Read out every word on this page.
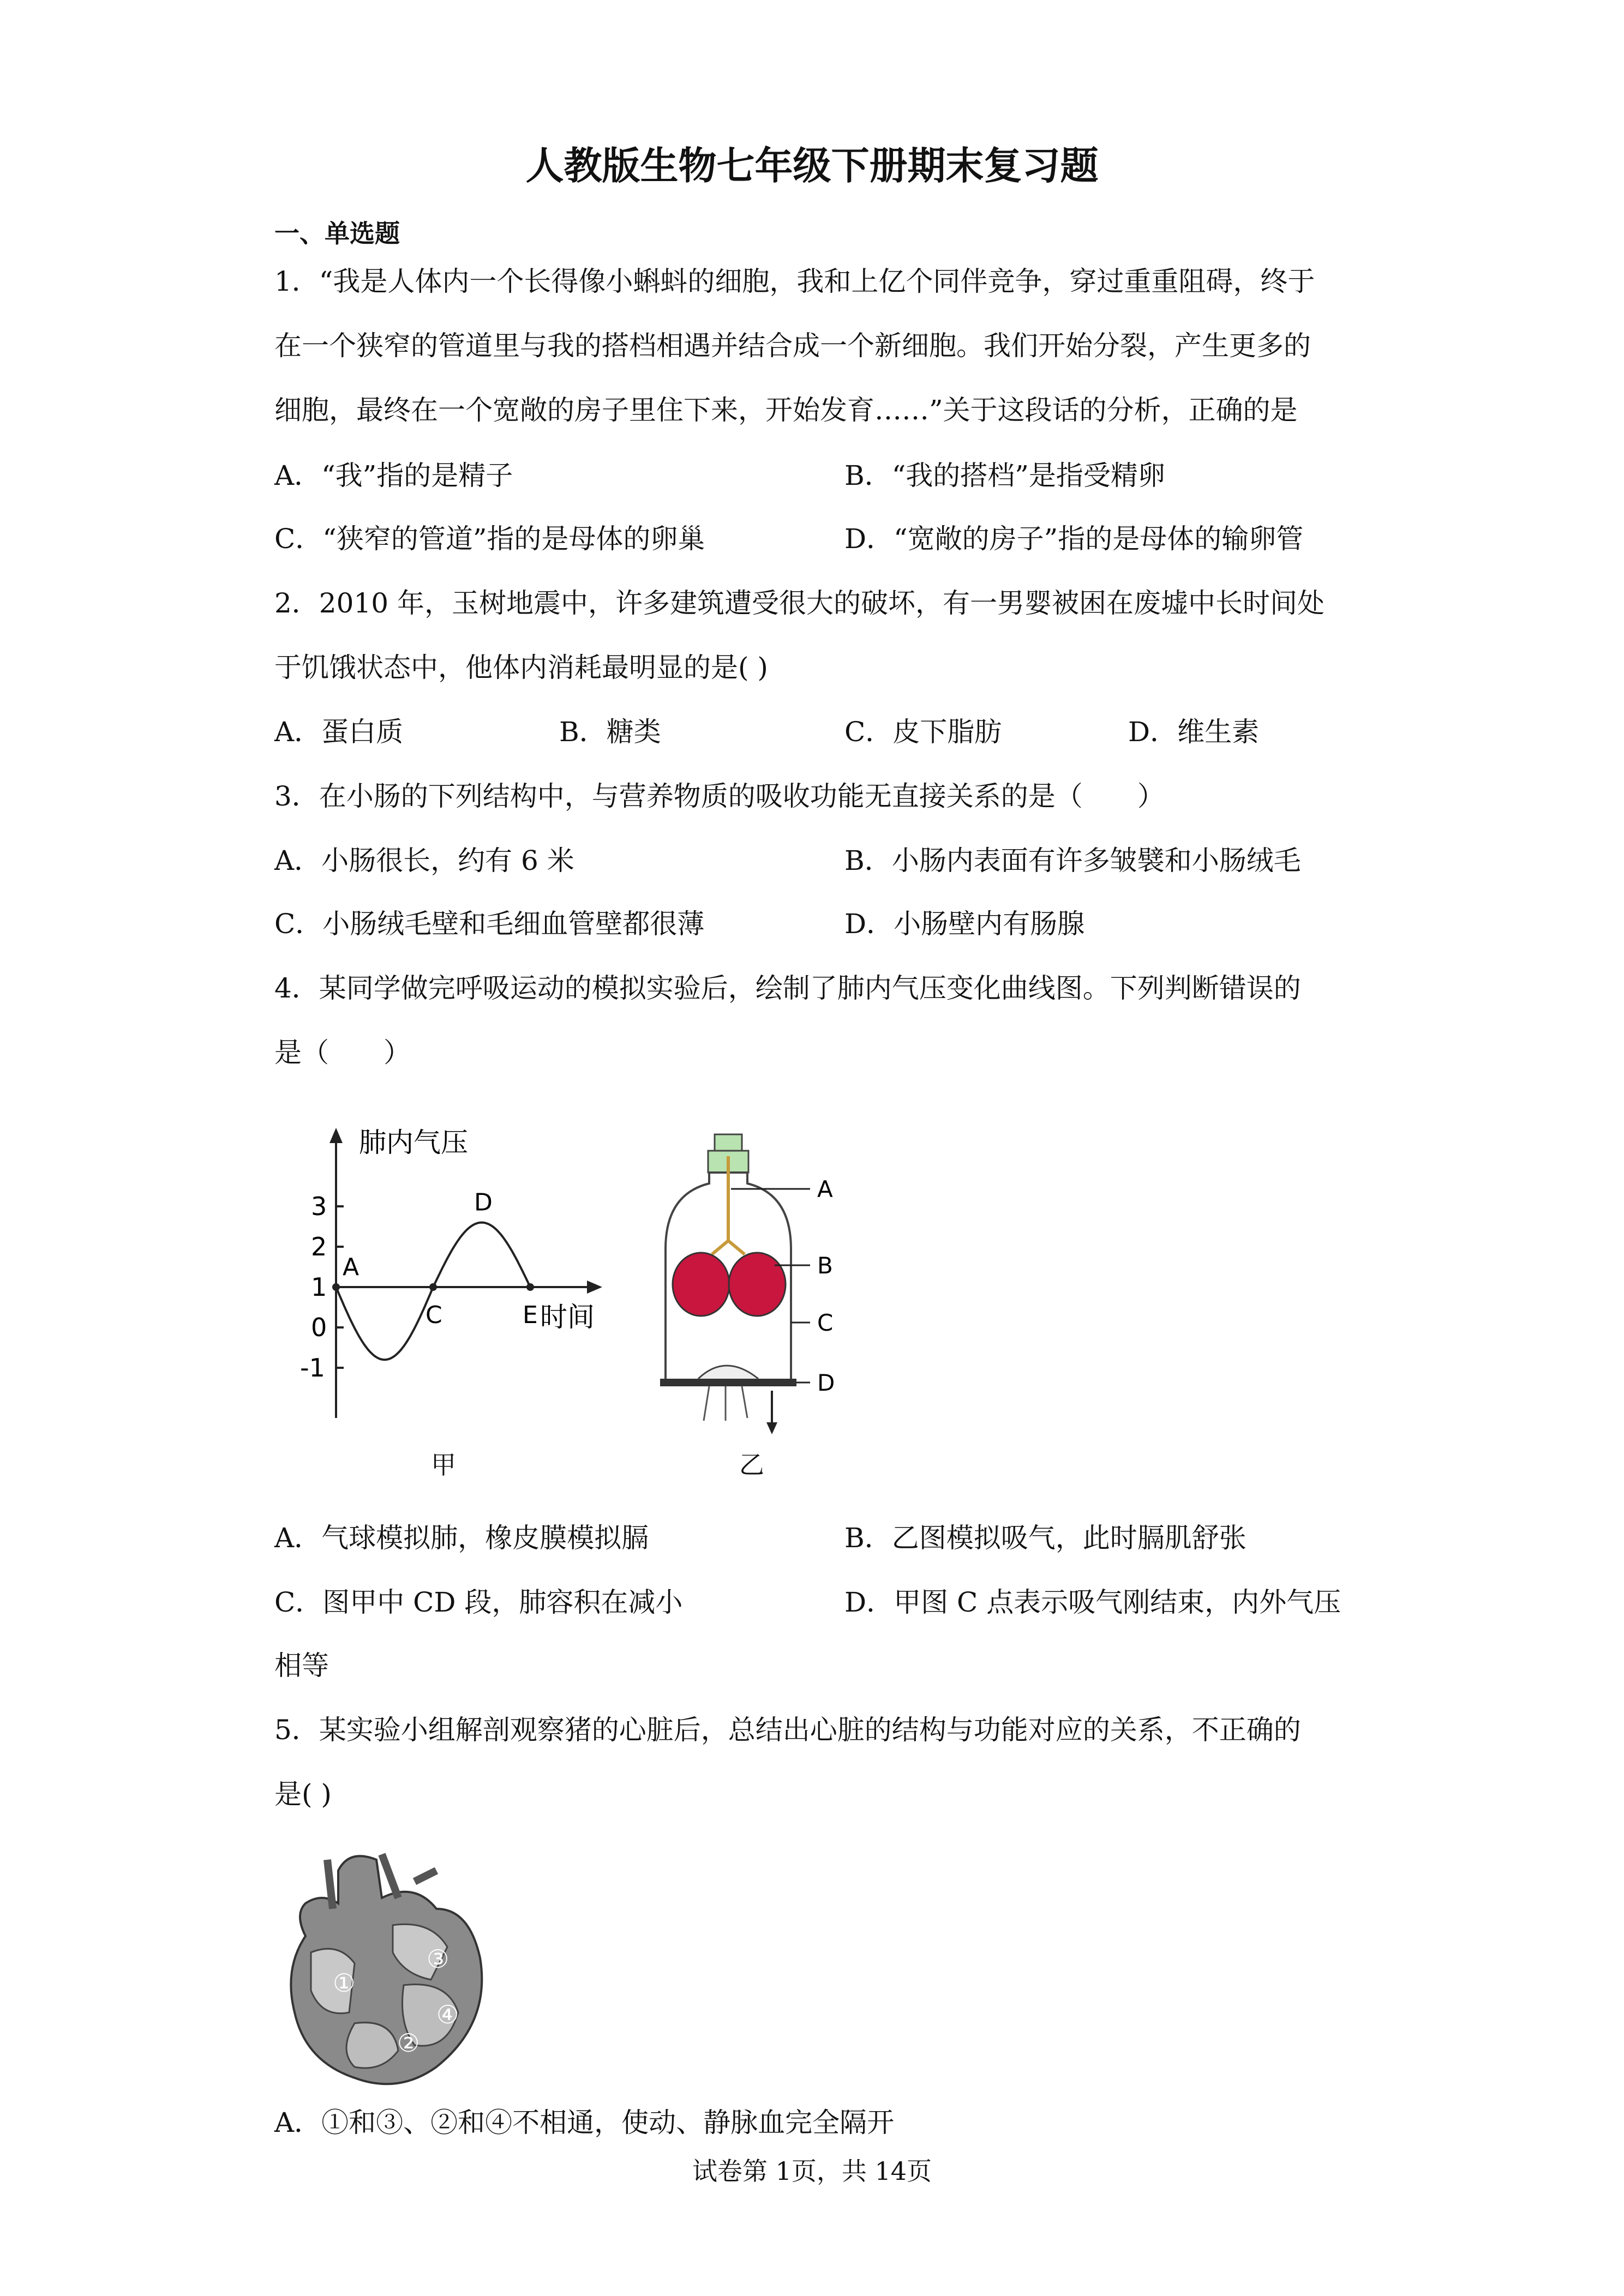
人教版生物七年级下册期末复习题
一、单选题
1．“我是人体内一个长得像小蝌蚪的细胞，我和上亿个同伴竞争，穿过重重阻碍，终于
在一个狭窄的管道里与我的搭档相遇并结合成一个新细胞。我们开始分裂，产生更多的
细胞，最终在一个宽敞的房子里住下来，开始发育……”关于这段话的分析，正确的是
A．“我”指的是精子	B．“我的搭档”是指受精卵
C．“狭窄的管道”指的是母体的卵巢	D．“宽敞的房子”指的是母体的输卵管
2．2010 年，玉树地震中，许多建筑遭受很大的破坏，有一男婴被困在废墟中长时间处
于饥饿状态中，他体内消耗最明显的是( )
A．蛋白质	B．糖类	C．皮下脂肪	D．维生素
3．在小肠的下列结构中，与营养物质的吸收功能无直接关系的是（　　）
A．小肠很长，约有 6 米	B．小肠内表面有许多皱襞和小肠绒毛
C．小肠绒毛壁和毛细血管壁都很薄	D．小肠壁内有肠腺
4．某同学做完呼吸运动的模拟实验后，绘制了肺内气压变化曲线图。下列判断错误的
是（　　）
肺内气压
时间
3
2
1
0
-1
A
C
D
E
甲
A
B
C
D
乙
A．气球模拟肺，橡皮膜模拟膈	B．乙图模拟吸气，此时膈肌舒张
C．图甲中 CD 段，肺容积在减小	D．甲图 C 点表示吸气刚结束，内外气压
相等
5．某实验小组解剖观察猪的心脏后，总结出心脏的结构与功能对应的关系，不正确的
是( )
③
①
④
②
A．①和③、②和④不相通，使动、静脉血完全隔开
试卷第 1页，共 14页
